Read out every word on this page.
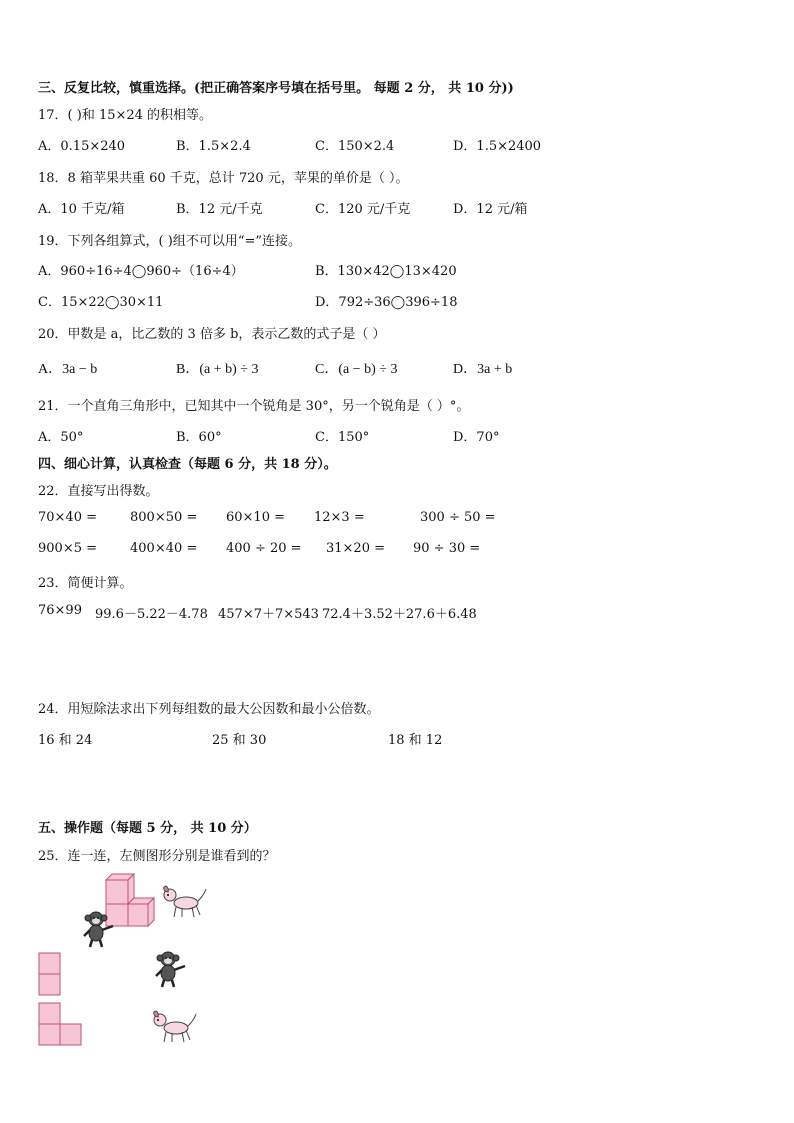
三、反复比较，慎重选择。(把正确答案序号填在括号里。 每题 2 分， 共 10 分))
17．( )和 15×24 的积相等。
A．0.15×240	B．1.5×2.4	C．150×2.4	D．1.5×2400
18．8 箱苹果共重 60 千克，总计 720 元，苹果的单价是（ ）。
A．10 千克/箱	B．12 元/千克	C．120 元/千克	D．12 元/箱
19．下列各组算式，( )组不可以用“=”连接。
A．960÷16÷4◯960÷（16÷4）	B．130×42◯13×420
C．15×22◯30×11	D．792÷36◯396÷18
20．甲数是 a，比乙数的 3 倍多 b，表示乙数的式子是（ ）
A．3a − b	B．(a + b) ÷ 3	C．(a − b) ÷ 3	D．3a + b
21．一个直角三角形中，已知其中一个锐角是 30°，另一个锐角是（ ）°。
A．50°	B．60°	C．150°	D．70°
四、细心计算，认真检查（每题 6 分，共 18 分）。
22．直接写出得数。
70×40 =	800×50 = 60×10 = 12×3 =	300 ÷ 50 =
900×5 =	400×40 = 400 ÷ 20 = 31×20 = 90 ÷ 30 =
23．简便计算。
76×99 99.6－5.22－4.78 457×7＋7×543 72.4＋3.52＋27.6＋6.48
24．用短除法求出下列每组数的最大公因数和最小公倍数。
16 和 24	25 和 30	18 和 12
五、操作题（每题 5 分， 共 10 分）
25．连一连，左侧图形分别是谁看到的？
